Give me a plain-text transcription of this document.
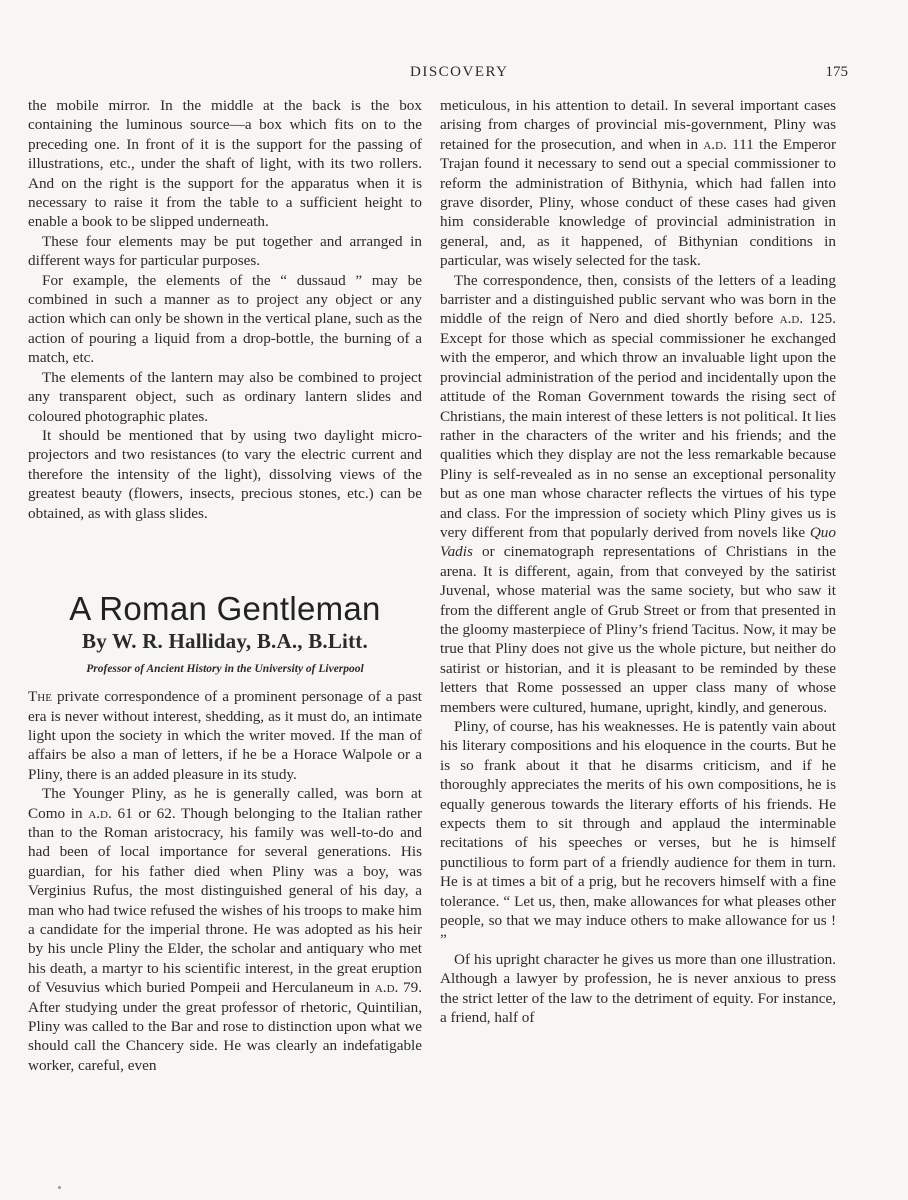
DISCOVERY	175

the mobile mirror. In the middle at the back is the box containing the luminous source—a box which fits on to the preceding one. In front of it is the support for the passing of illustrations, etc., under the shaft of light, with its two rollers. And on the right is the support for the apparatus when it is necessary to raise it from the table to a sufficient height to enable a book to be slipped underneath.

These four elements may be put together and arranged in different ways for particular purposes.

For example, the elements of the “ dussaud ” may be combined in such a manner as to project any object or any action which can only be shown in the vertical plane, such as the action of pouring a liquid from a drop-bottle, the burning of a match, etc.

The elements of the lantern may also be combined to project any transparent object, such as ordinary lantern slides and coloured photographic plates.

It should be mentioned that by using two daylight micro-projectors and two resistances (to vary the electric current and therefore the intensity of the light), dissolving views of the greatest beauty (flowers, insects, precious stones, etc.) can be obtained, as with glass slides.

A Roman Gentleman
By W. R. Halliday, B.A., B.Litt.
Professor of Ancient History in the University of Liverpool

The private correspondence of a prominent personage of a past era is never without interest, shedding, as it must do, an intimate light upon the society in which the writer moved. If the man of affairs be also a man of letters, if he be a Horace Walpole or a Pliny, there is an added pleasure in its study.

The Younger Pliny, as he is generally called, was born at Como in a.d. 61 or 62. Though belonging to the Italian rather than to the Roman aristocracy, his family was well-to-do and had been of local importance for several generations. His guardian, for his father died when Pliny was a boy, was Verginius Rufus, the most distinguished general of his day, a man who had twice refused the wishes of his troops to make him a candidate for the imperial throne. He was adopted as his heir by his uncle Pliny the Elder, the scholar and antiquary who met his death, a martyr to his scientific interest, in the great eruption of Vesuvius which buried Pompeii and Herculaneum in a.d. 79. After studying under the great professor of rhetoric, Quintilian, Pliny was called to the Bar and rose to distinction upon what we should call the Chancery side. He was clearly an indefatigable worker, careful, even

meticulous, in his attention to detail. In several important cases arising from charges of provincial mis-government, Pliny was retained for the prosecution, and when in a.d. 111 the Emperor Trajan found it necessary to send out a special commissioner to reform the administration of Bithynia, which had fallen into grave disorder, Pliny, whose conduct of these cases had given him considerable knowledge of provincial administration in general, and, as it happened, of Bithynian conditions in particular, was wisely selected for the task.

The correspondence, then, consists of the letters of a leading barrister and a distinguished public servant who was born in the middle of the reign of Nero and died shortly before a.d. 125. Except for those which as special commissioner he exchanged with the emperor, and which throw an invaluable light upon the provincial administration of the period and incidentally upon the attitude of the Roman Government towards the rising sect of Christians, the main interest of these letters is not political. It lies rather in the characters of the writer and his friends; and the qualities which they display are not the less remarkable because Pliny is self-revealed as in no sense an exceptional personality but as one man whose character reflects the virtues of his type and class. For the impression of society which Pliny gives us is very different from that popularly derived from novels like Quo Vadis or cinematograph representations of Christians in the arena. It is different, again, from that conveyed by the satirist Juvenal, whose material was the same society, but who saw it from the different angle of Grub Street or from that presented in the gloomy masterpiece of Pliny’s friend Tacitus. Now, it may be true that Pliny does not give us the whole picture, but neither do satirist or historian, and it is pleasant to be reminded by these letters that Rome possessed an upper class many of whose members were cultured, humane, upright, kindly, and generous.

Pliny, of course, has his weaknesses. He is patently vain about his literary compositions and his eloquence in the courts. But he is so frank about it that he disarms criticism, and if he thoroughly appreciates the merits of his own compositions, he is equally generous towards the literary efforts of his friends. He expects them to sit through and applaud the interminable recitations of his speeches or verses, but he is himself punctilious to form part of a friendly audience for them in turn. He is at times a bit of a prig, but he recovers himself with a fine tolerance. “ Let us, then, make allowances for what pleases other people, so that we may induce others to make allowance for us ! ”

Of his upright character he gives us more than one illustration. Although a lawyer by profession, he is never anxious to press the strict letter of the law to the detriment of equity. For instance, a friend, half of
